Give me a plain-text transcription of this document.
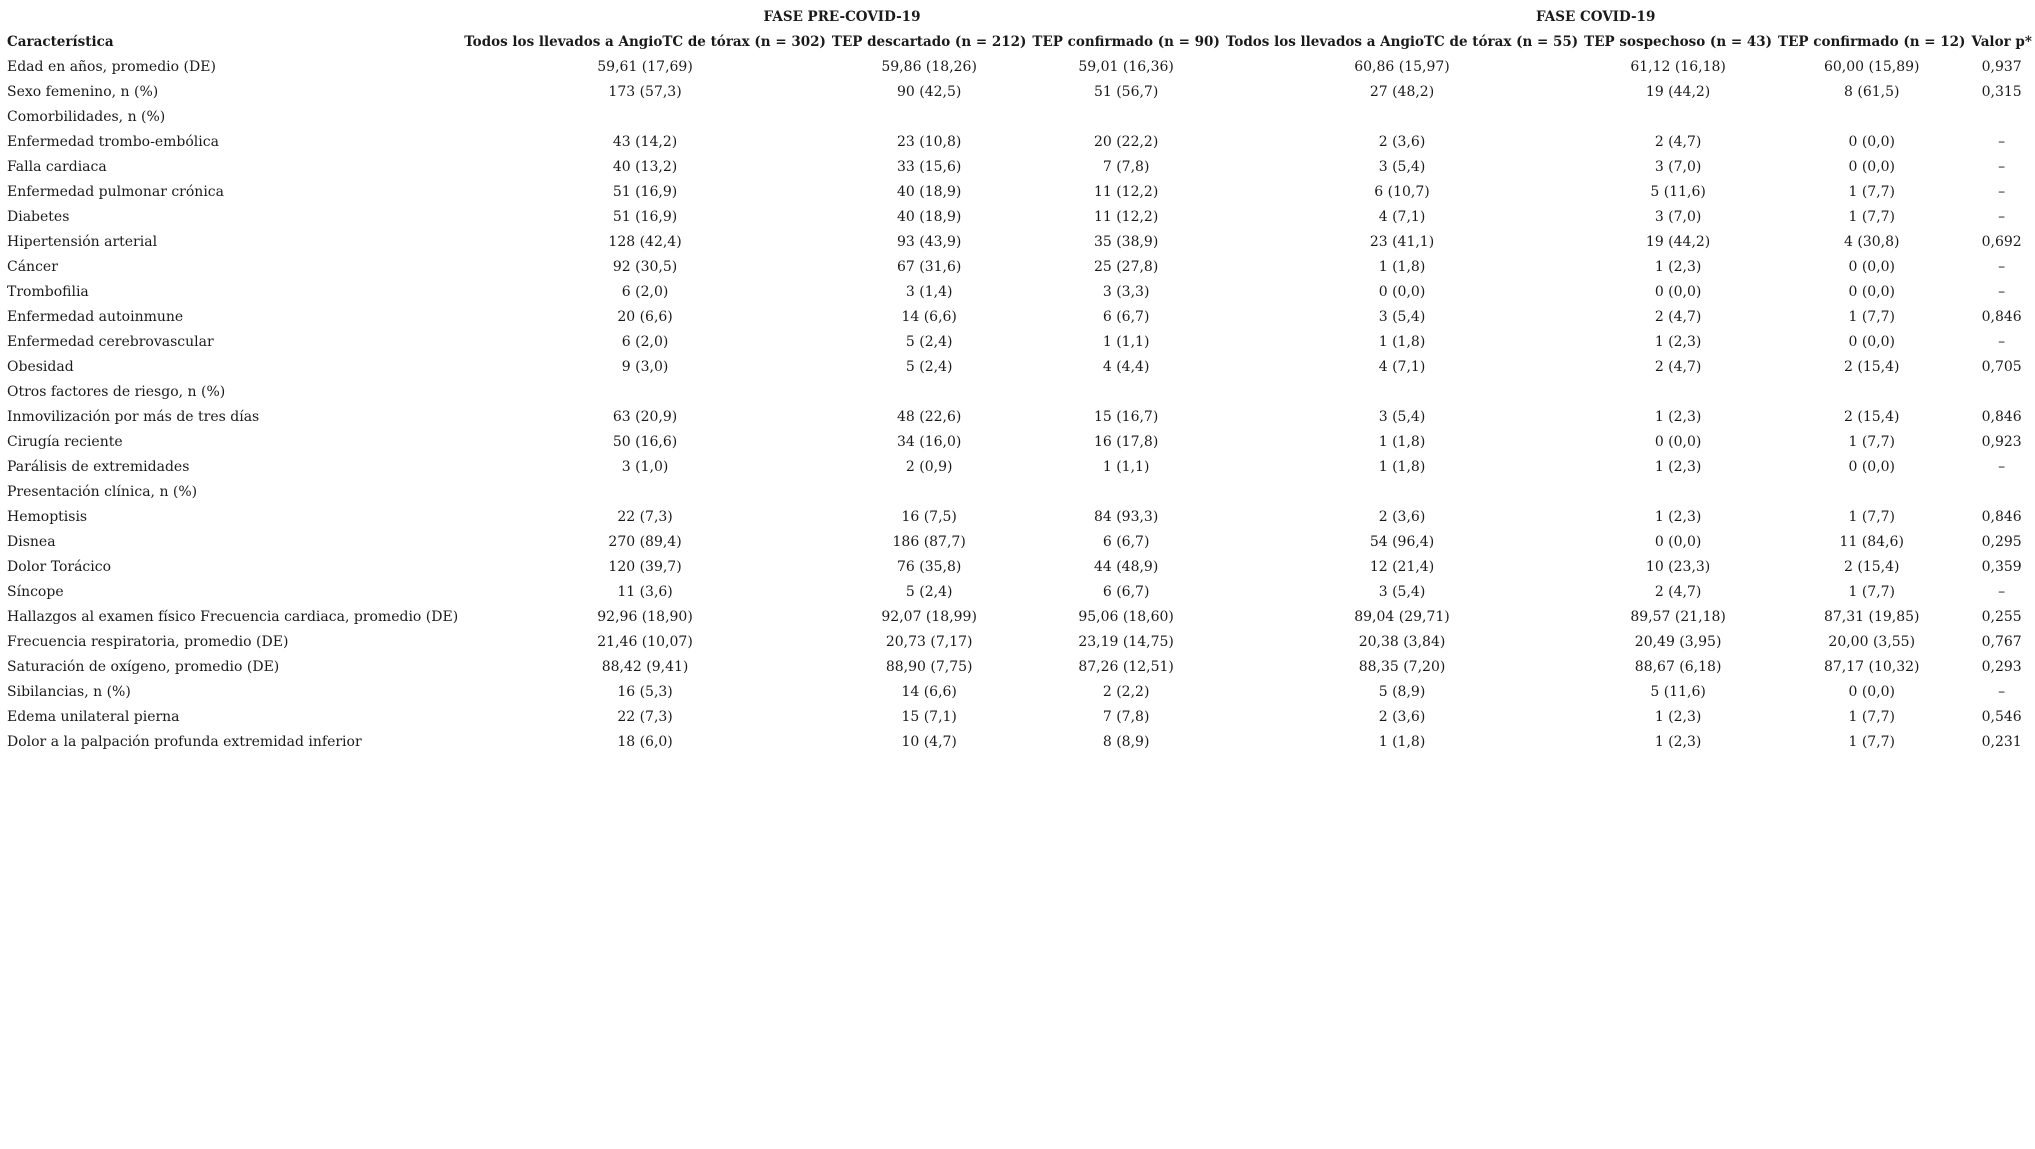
	FASE PRE-COVID-19			FASE COVID-19			
Característica	Todos los llevados a AngioTC de tórax (n = 302)	TEP descartado (n = 212)	TEP confirmado (n = 90)	Todos los llevados a AngioTC de tórax (n = 55)	TEP sospechoso (n = 43)	TEP confirmado (n = 12)	Valor p*
Edad en años, promedio (DE)	59,61 (17,69)	59,86 (18,26)	59,01 (16,36)	60,86 (15,97)	61,12 (16,18)	60,00 (15,89)	0,937
Sexo femenino, n (%)	173 (57,3)	90 (42,5)	51 (56,7)	27 (48,2)	19 (44,2)	8 (61,5)	0,315
Comorbilidades, n (%)							
Enfermedad trombo-embólica	43 (14,2)	23 (10,8)	20 (22,2)	2 (3,6)	2 (4,7)	0 (0,0)	–
Falla cardiaca	40 (13,2)	33 (15,6)	7 (7,8)	3 (5,4)	3 (7,0)	0 (0,0)	–
Enfermedad pulmonar crónica	51 (16,9)	40 (18,9)	11 (12,2)	6 (10,7)	5 (11,6)	1 (7,7)	–
Diabetes	51 (16,9)	40 (18,9)	11 (12,2)	4 (7,1)	3 (7,0)	1 (7,7)	–
Hipertensión arterial	128 (42,4)	93 (43,9)	35 (38,9)	23 (41,1)	19 (44,2)	4 (30,8)	0,692
Cáncer	92 (30,5)	67 (31,6)	25 (27,8)	1 (1,8)	1 (2,3)	0 (0,0)	–
Trombofilia	6 (2,0)	3 (1,4)	3 (3,3)	0 (0,0)	0 (0,0)	0 (0,0)	–
Enfermedad autoinmune	20 (6,6)	14 (6,6)	6 (6,7)	3 (5,4)	2 (4,7)	1 (7,7)	0,846
Enfermedad cerebrovascular	6 (2,0)	5 (2,4)	1 (1,1)	1 (1,8)	1 (2,3)	0 (0,0)	–
Obesidad	9 (3,0)	5 (2,4)	4 (4,4)	4 (7,1)	2 (4,7)	2 (15,4)	0,705
Otros factores de riesgo, n (%)							
Inmovilización por más de tres días	63 (20,9)	48 (22,6)	15 (16,7)	3 (5,4)	1 (2,3)	2 (15,4)	0,846
Cirugía reciente	50 (16,6)	34 (16,0)	16 (17,8)	1 (1,8)	0 (0,0)	1 (7,7)	0,923
Parálisis de extremidades	3 (1,0)	2 (0,9)	1 (1,1)	1 (1,8)	1 (2,3)	0 (0,0)	–
Presentación clínica, n (%)							
Hemoptisis	22 (7,3)	16 (7,5)	84 (93,3)	2 (3,6)	1 (2,3)	1 (7,7)	0,846
Disnea	270 (89,4)	186 (87,7)	6 (6,7)	54 (96,4)	0 (0,0)	11 (84,6)	0,295
Dolor Torácico	120 (39,7)	76 (35,8)	44 (48,9)	12 (21,4)	10 (23,3)	2 (15,4)	0,359
Síncope	11 (3,6)	5 (2,4)	6 (6,7)	3 (5,4)	2 (4,7)	1 (7,7)	–
Hallazgos al examen físico Frecuencia cardiaca, promedio (DE)	92,96 (18,90)	92,07 (18,99)	95,06 (18,60)	89,04 (29,71)	89,57 (21,18)	87,31 (19,85)	0,255
Frecuencia respiratoria, promedio (DE)	21,46 (10,07)	20,73 (7,17)	23,19 (14,75)	20,38 (3,84)	20,49 (3,95)	20,00 (3,55)	0,767
Saturación de oxígeno, promedio (DE)	88,42 (9,41)	88,90 (7,75)	87,26 (12,51)	88,35 (7,20)	88,67 (6,18)	87,17 (10,32)	0,293
Sibilancias, n (%)	16 (5,3)	14 (6,6)	2 (2,2)	5 (8,9)	5 (11,6)	0 (0,0)	–
Edema unilateral pierna	22 (7,3)	15 (7,1)	7 (7,8)	2 (3,6)	1 (2,3)	1 (7,7)	0,546
Dolor a la palpación profunda extremidad inferior	18 (6,0)	10 (4,7)	8 (8,9)	1 (1,8)	1 (2,3)	1 (7,7)	0,231
